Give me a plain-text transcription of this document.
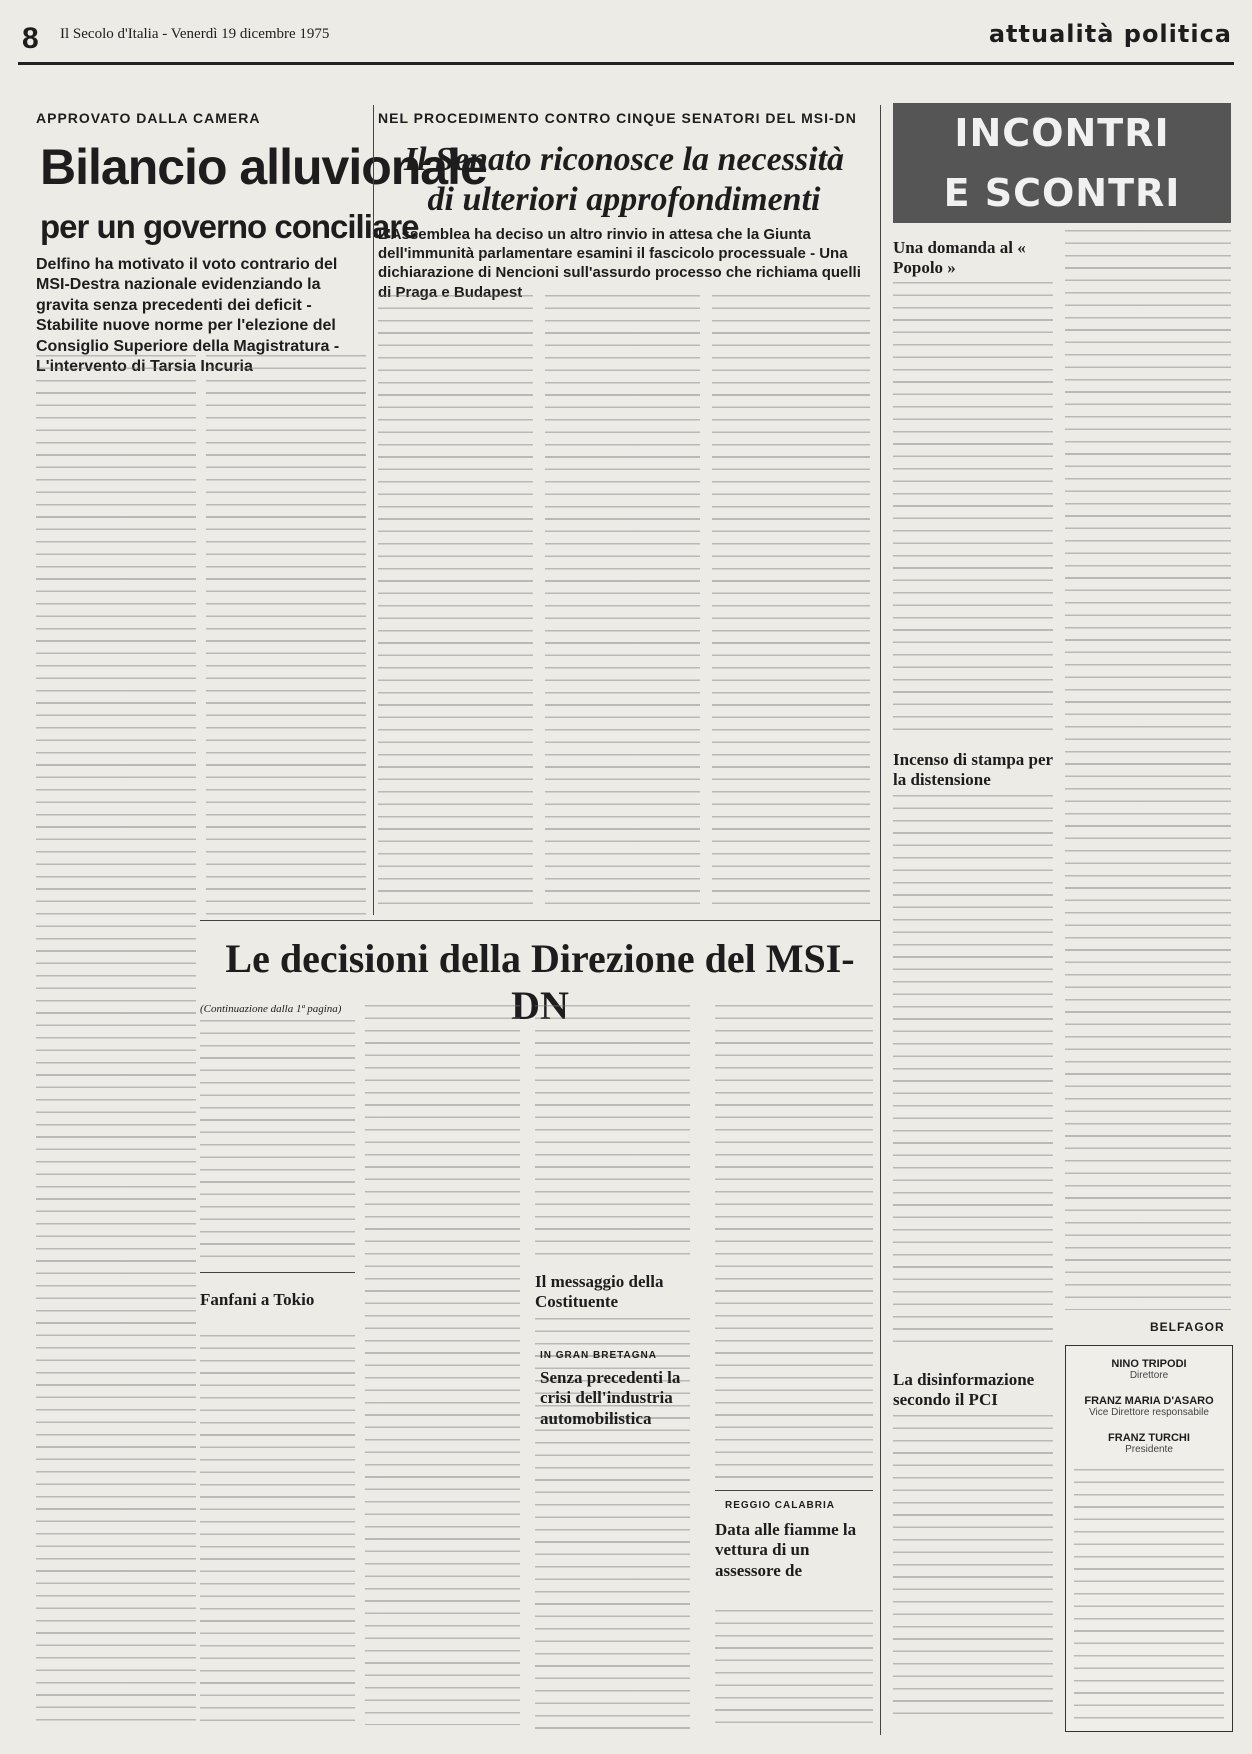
8 Il Secolo d'Italia - Venerdì 19 dicembre 1975	attualità politica
APPROVATO DALLA CAMERA
Bilancio alluvionale
per un governo conciliare
Delfino ha motivato il voto contrario del MSI-Destra nazionale evidenziando la gravita senza precedenti dei deficit - Stabilite nuove norme per l'elezione del Consiglio Superiore della Magistratura - L'intervento di Tarsia Incuria
NEL PROCEDIMENTO CONTRO CINQUE SENATORI DEL MSI-DN
Il Senato riconosce la necessità
di ulteriori approfondimenti
L'Assemblea ha deciso un altro rinvio in attesa che la Giunta dell'immunità parlamentare esamini il fascicolo processuale - Una dichiarazione di Nencioni sull'assurdo processo che richiama quelli di Praga e Budapest
INCONTRI
E SCONTRI
Una domanda al « Popolo »
Incenso di stampa per la distensione
La disinformazione secondo il PCI
BELFAGOR
NINO TRIPODI
Direttore
FRANZ MARIA D'ASARO
Vice Direttore responsabile
FRANZ TURCHI
Presidente
Le decisioni della Direzione del MSI-DN
(Continuazione dalla 1ª pagina)
Il messaggio della Costituente
Fanfani a Tokio
IN GRAN BRETAGNA
Senza precedenti la crisi dell'industria automobilistica
REGGIO CALABRIA
Data alle fiamme la vettura di un assessore de
